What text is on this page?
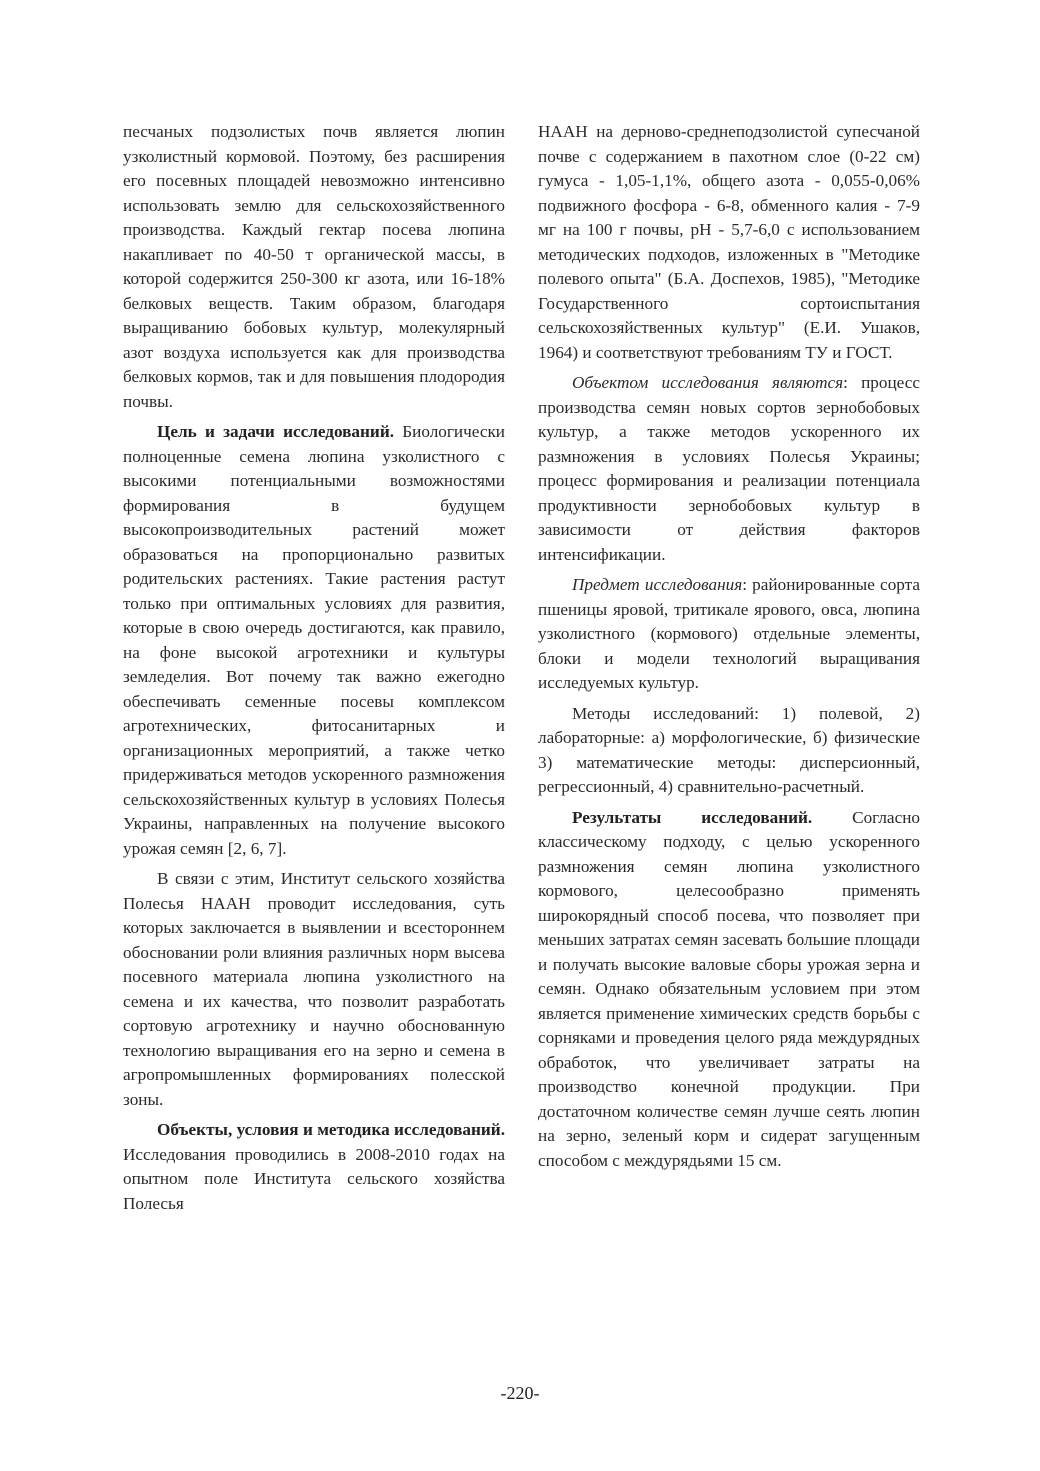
песчаных подзолистых почв является люпин узколистный кормовой. Поэтому, без расширения его посевных площадей невозможно интенсивно использовать землю для сельскохозяйственного производства. Каждый гектар посева люпина накапливает по 40-50 т органической массы, в которой содержится 250-300 кг азота, или 16-18% белковых веществ. Таким образом, благодаря выращиванию бобовых культур, молекулярный азот воздуха используется как для производства белковых кормов, так и для повышения плодородия почвы.

Цель и задачи исследований. Биологически полноценные семена люпина узколистного с высокими потенциальными возможностями формирования в будущем высокопроизводительных растений может образоваться на пропорционально развитых родительских растениях. Такие растения растут только при оптимальных условиях для развития, которые в свою очередь достигаются, как правило, на фоне высокой агротехники и культуры земледелия. Вот почему так важно ежегодно обеспечивать семенные посевы комплексом агротехнических, фитосанитарных и организационных мероприятий, а также четко придерживаться методов ускоренного размножения сельскохозяйственных культур в условиях Полесья Украины, направленных на получение высокого урожая семян [2, 6, 7].

В связи с этим, Институт сельского хозяйства Полесья НААН проводит исследования, суть которых заключается в выявлении и всестороннем обосновании роли влияния различных норм высева посевного материала люпина узколистного на семена и их качества, что позволит разработать сортовую агротехнику и научно обоснованную технологию выращивания его на зерно и семена в агропромышленных формированиях полесской зоны.

Объекты, условия и методика исследований. Исследования проводились в 2008-2010 годах на опытном поле Института сельского хозяйства Полесья

НААН на дерново-среднеподзолистой супесчаной почве с содержанием в пахотном слое (0-22 см) гумуса - 1,05-1,1%, общего азота - 0,055-0,06% подвижного фосфора - 6-8, обменного калия - 7-9 мг на 100 г почвы, pH - 5,7-6,0 с использованием методических подходов, изложенных в "Методике полевого опыта" (Б.А. Доспехов, 1985), "Методике Государственного сортоиспытания сельскохозяйственных культур" (Е.И. Ушаков, 1964) и соответствуют требованиям ТУ и ГОСТ.

Объектом исследования являются: процесс производства семян новых сортов зернобобовых культур, а также методов ускоренного их размножения в условиях Полесья Украины; процесс формирования и реализации потенциала продуктивности зернобобовых культур в зависимости от действия факторов интенсификации.

Предмет исследования: районированные сорта пшеницы яровой, тритикале ярового, овса, люпина узколистного (кормового) отдельные элементы, блоки и модели технологий выращивания исследуемых культур.

Методы исследований: 1) полевой, 2) лабораторные: а) морфологические, б) физические 3) математические методы: дисперсионный, регрессионный, 4) сравнительно-расчетный.

Результаты исследований. Согласно классическому подходу, с целью ускоренного размножения семян люпина узколистного кормового, целесообразно применять широкорядный способ посева, что позволяет при меньших затратах семян засевать большие площади и получать высокие валовые сборы урожая зерна и семян. Однако обязательным условием при этом является применение химических средств борьбы с сорняками и проведения целого ряда междурядных обработок, что увеличивает затраты на производство конечной продукции. При достаточном количестве семян лучше сеять люпин на зерно, зеленый корм и сидерат загущенным способом с междурядьями 15 см.

-220-
